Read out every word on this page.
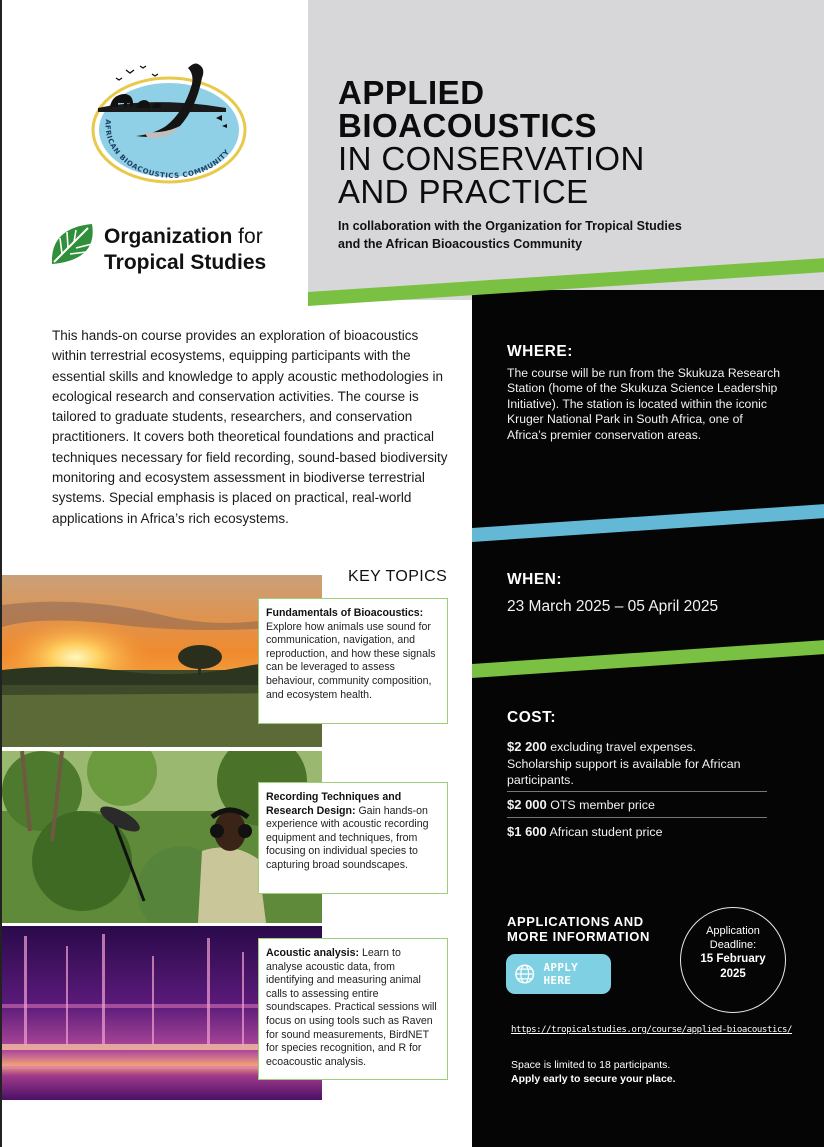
APPLIED
BIOACOUSTICS
IN CONSERVATION
AND PRACTICE
In collaboration with the Organization for Tropical Studies
and the African Bioacoustics Community
AFRICAN BIOACOUSTICS COMMUNITY
Organization for
Tropical Studies
This hands-on course provides an exploration of bioacoustics within terrestrial ecosystems, equipping participants with the essential skills and knowledge to apply acoustic methodologies in ecological research and conservation activities. The course is tailored to graduate students, researchers, and conservation practitioners. It covers both theoretical foundations and practical techniques necessary for field recording, sound-based biodiversity monitoring and ecosystem assessment in biodiverse terrestrial systems. Special emphasis is placed on practical, real-world applications in Africa’s rich ecosystems.
KEY TOPICS
Fundamentals of Bioacoustics: Explore how animals use sound for communication, navigation, and reproduction, and how these signals can be leveraged to assess behaviour, community composition, and ecosystem health.
Recording Techniques and Research Design: Gain hands-on experience with acoustic recording equipment and techniques, from focusing on individual species to capturing broad soundscapes.
Acoustic analysis: Learn to analyse acoustic data, from identifying and measuring animal calls to assessing entire soundscapes. Practical sessions will focus on using tools such as Raven for sound measurements, BirdNET for species recognition, and R for ecoacoustic analysis.
WHERE:
The course will be run from the Skukuza Research Station (home of the Skukuza Science Leadership Initiative). The station is located within the iconic Kruger National Park in South Africa, one of Africa’s premier conservation areas.
WHEN:
23 March 2025 – 05 April 2025
COST:
$2 200 excluding travel expenses. Scholarship support is available for African participants.
$2 000 OTS member price
$1 600 African student price
APPLICATIONS AND
MORE INFORMATION
APPLY HERE
Application
Deadline:
15 February
2025
https://tropicalstudies.org/course/applied-bioacoustics/
Space is limited to 18 participants.
Apply early to secure your place.
